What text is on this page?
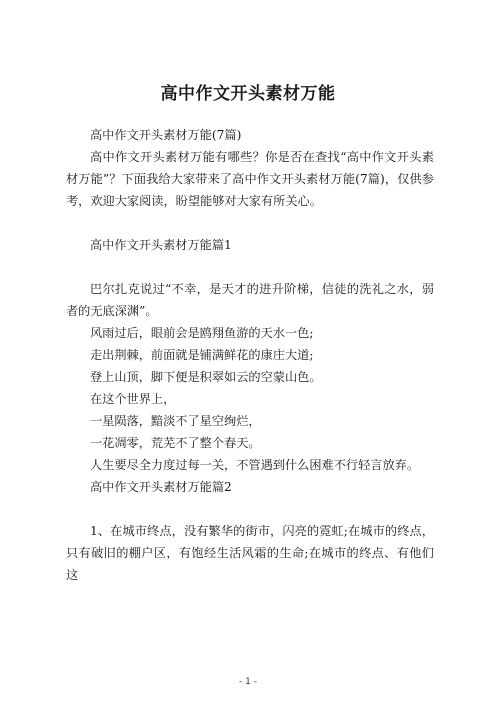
高中作文开头素材万能

高中作文开头素材万能(7篇)

高中作文开头素材万能有哪些？你是否在查找“高中作文开头素材万能”？下面我给大家带来了高中作文开头素材万能(7篇)，仅供参考，欢迎大家阅读，盼望能够对大家有所关心。

高中作文开头素材万能篇1

巴尔扎克说过“不幸，是天才的进升阶梯，信徒的洗礼之水，弱者的无底深渊”。

风雨过后，眼前会是鸥翔鱼游的天水一色;

走出荆棘，前面就是铺满鲜花的康庄大道;

登上山顶，脚下便是积翠如云的空蒙山色。

在这个世界上，

一星陨落，黯淡不了星空绚烂，

一花凋零，荒芜不了整个春天。

人生要尽全力度过每一关，不管遇到什么困难不行轻言放弃。

高中作文开头素材万能篇2

1、在城市终点，没有繁华的街市，闪亮的霓虹;在城市的终点，只有破旧的棚户区，有饱经生活风霜的生命;在城市的终点、有他们这

- 1 -
